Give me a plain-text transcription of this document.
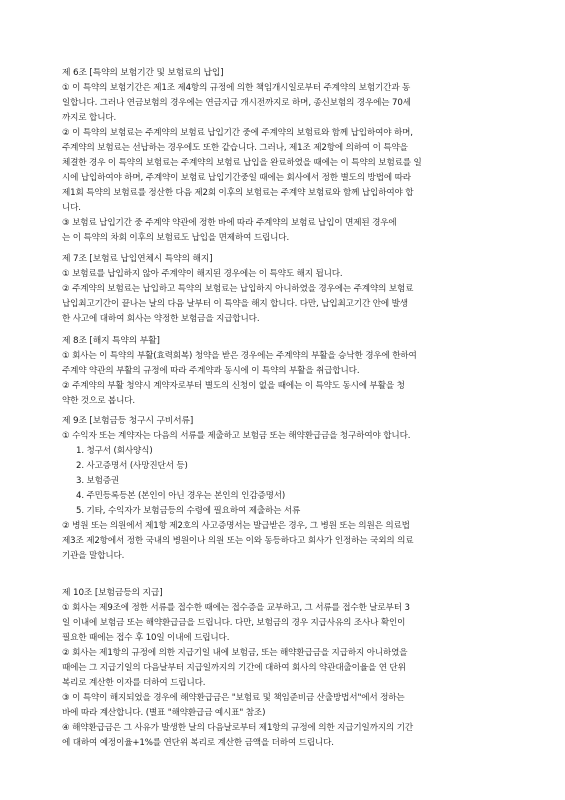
제 6조 [특약의 보험기간 및 보험료의 납입]
① 이 특약의 보험기간은 제1조 제4항의 규정에 의한 책임개시일로부터 주계약의 보험기간과 동
일합니다. 그러나 연금보험의 경우에는 연금지급 개시전까지로 하며, 종신보험의 경우에는 70세
까지로 합니다.
② 이 특약의 보험료는 주계약의 보험료 납입기간 중에 주계약의 보험료와 함께 납입하여야 하며,
주계약의 보험료는 선납하는 경우에도 또한 같습니다. 그러나, 제1조 제2항에 의하여 이 특약을
체결한 경우 이 특약의 보험료는 주계약의 보험료 납입을 완료하였을 때에는 이 특약의 보험료를 일
시에 납입하여야 하며, 주계약이 보험료 납입기간중일 때에는 회사에서 정한 별도의 방법에 따라
제1회 특약의 보험료를 정산한 다음 제2회 이후의 보험료는 주계약 보험료와 함께 납입하여야 합
니다.
③ 보험료 납입기간 중 주계약 약관에 정한 바에 따라 주계약의 보험료 납입이 면제된 경우에
는 이 특약의 차회 이후의 보험료도 납입을 면제하여 드립니다.
제 7조 [보험료 납입연체시 특약의 해지]
① 보험료를 납입하지 않아 주계약이 해지된 경우에는 이 특약도 해지 됩니다.
② 주계약의 보험료는 납입하고 특약의 보험료는 납입하지 아니하였을 경우에는 주계약의 보험료
납입최고기간이 끝나는 날의 다음 날부터 이 특약을 해지 합니다. 다만, 납입최고기간 안에 발생
한 사고에 대하여 회사는 약정한 보험금을 지급합니다.
제 8조 [해지 특약의 부활]
① 회사는 이 특약의 부활(효력회복) 청약을 받은 경우에는 주계약의 부활을 승낙한 경우에 한하여
주계약 약관의 부활의 규정에 따라 주계약과 동시에 이 특약의 부활을 취급합니다.
② 주계약의 부활 청약시 계약자로부터 별도의 신청이 없을 때에는 이 특약도 동시에 부활을 청
약한 것으로 봅니다.
제 9조 [보험금등 청구시 구비서류]
① 수익자 또는 계약자는 다음의 서류를 제출하고 보험금 또는 해약환급금을 청구하여야 합니다.
1. 청구서 (회사양식)
2. 사고증명서 (사망진단서 등)
3. 보험증권
4. 주민등록등본 (본인이 아닌 경우는 본인의 인감증명서)
5. 기타, 수익자가 보험금등의 수령에 필요하여 제출하는 서류
② 병원 또는 의원에서 제1항 제2호의 사고증명서는 발급받은 경우, 그 병원 또는 의원은 의료법
제3조 제2항에서 정한 국내의 병원이나 의원 또는 이와 동등하다고 회사가 인정하는 국외의 의료
기관을 말합니다.
제 10조 [보험금등의 지급]
① 회사는 제9조에 정한 서류를 접수한 때에는 접수증을 교부하고, 그 서류를 접수한 날로부터 3
일 이내에 보험금 또는 해약환급금을 드립니다. 다만, 보험금의 경우 지급사유의 조사나 확인이
필요한 때에는 접수 후 10일 이내에 드립니다.
② 회사는 제1항의 규정에 의한 지급기일 내에 보험금, 또는 해약환급금을 지급하지 아니하였을
때에는 그 지급기일의 다음날부터 지급일까지의 기간에 대하여 회사의 약관대출이율을 연 단위
복리로 계산한 이자를 더하여 드립니다.
③ 이 특약이 해지되었을 경우에 해약환급금은 "보험료 및 책임준비금 산출방법서"에서 정하는
바에 따라 계산합니다. (별표 "해약환급금 예시표" 참조)
④ 해약환급금은 그 사유가 발생한 날의 다음날로부터 제1항의 규정에 의한 지급기일까지의 기간
에 대하여 예정이율+1%를 연단위 복리로 계산한 금액을 더하여 드립니다.
